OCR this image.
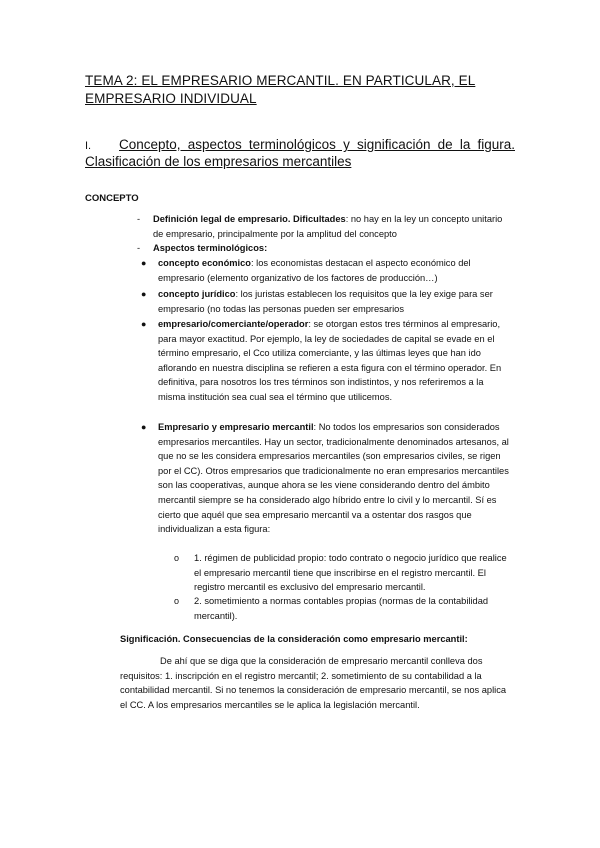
TEMA 2: EL EMPRESARIO MERCANTIL. EN PARTICULAR, EL EMPRESARIO INDIVIDUAL
I.	Concepto, aspectos terminológicos y significación de la figura. Clasificación de los empresarios mercantiles
CONCEPTO
- Definición legal de empresario. Dificultades: no hay en la ley un concepto unitario de empresario, principalmente por la amplitud del concepto
- Aspectos terminológicos:
● concepto económico: los economistas destacan el aspecto económico del empresario (elemento organizativo de los factores de producción…)
● concepto jurídico: los juristas establecen los requisitos que la ley exige para ser empresario (no todas las personas pueden ser empresarios
● empresario/comerciante/operador: se otorgan estos tres términos al empresario, para mayor exactitud. Por ejemplo, la ley de sociedades de capital se evade en el término empresario, el Cco utiliza comerciante, y las últimas leyes que han ido aflorando en nuestra disciplina se refieren a esta figura con el término operador. En definitiva, para nosotros los tres términos son indistintos, y nos referiremos a la misma institución sea cual sea el término que utilicemos.
● Empresario y empresario mercantil: No todos los empresarios son considerados empresarios mercantiles. Hay un sector, tradicionalmente denominados artesanos, al que no se les considera empresarios mercantiles (son empresarios civiles, se rigen por el CC). Otros empresarios que tradicionalmente no eran empresarios mercantiles son las cooperativas, aunque ahora se les viene considerando dentro del ámbito mercantil siempre se ha considerado algo híbrido entre lo civil y lo mercantil. Sí es cierto que aquél que sea empresario mercantil va a ostentar dos rasgos que individualizan a esta figura:
o 1. régimen de publicidad propio: todo contrato o negocio jurídico que realice el empresario mercantil tiene que inscribirse en el registro mercantil. El registro mercantil es exclusivo del empresario mercantil.
o 2. sometimiento a normas contables propias (normas de la contabilidad mercantil).
Significación. Consecuencias de la consideración como empresario mercantil:
De ahí que se diga que la consideración de empresario mercantil conlleva dos requisitos: 1. inscripción en el registro mercantil; 2. sometimiento de su contabilidad a la contabilidad mercantil. Si no tenemos la consideración de empresario mercantil, se nos aplica el CC. A los empresarios mercantiles se le aplica la legislación mercantil.
